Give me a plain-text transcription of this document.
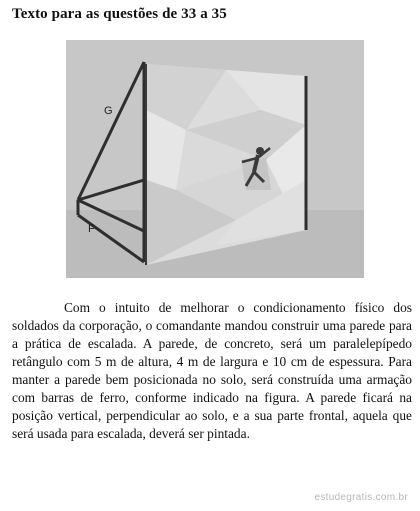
Texto para as questões de 33 a 35
G
F
Com o intuito de melhorar o condicionamento físico dos soldados da corporação, o comandante mandou construir uma parede para a prática de escalada. A parede, de concreto, será um paralelepípedo retângulo com 5 m de altura, 4 m de largura e 10 cm de espessura. Para manter a parede bem posicionada no solo, será construída uma armação com barras de ferro, conforme indicado na figura. A parede ficará na posição vertical, perpendicular ao solo, e a sua parte frontal, aquela que será usada para escalada, deverá ser pintada.
estudegratis.com.br
